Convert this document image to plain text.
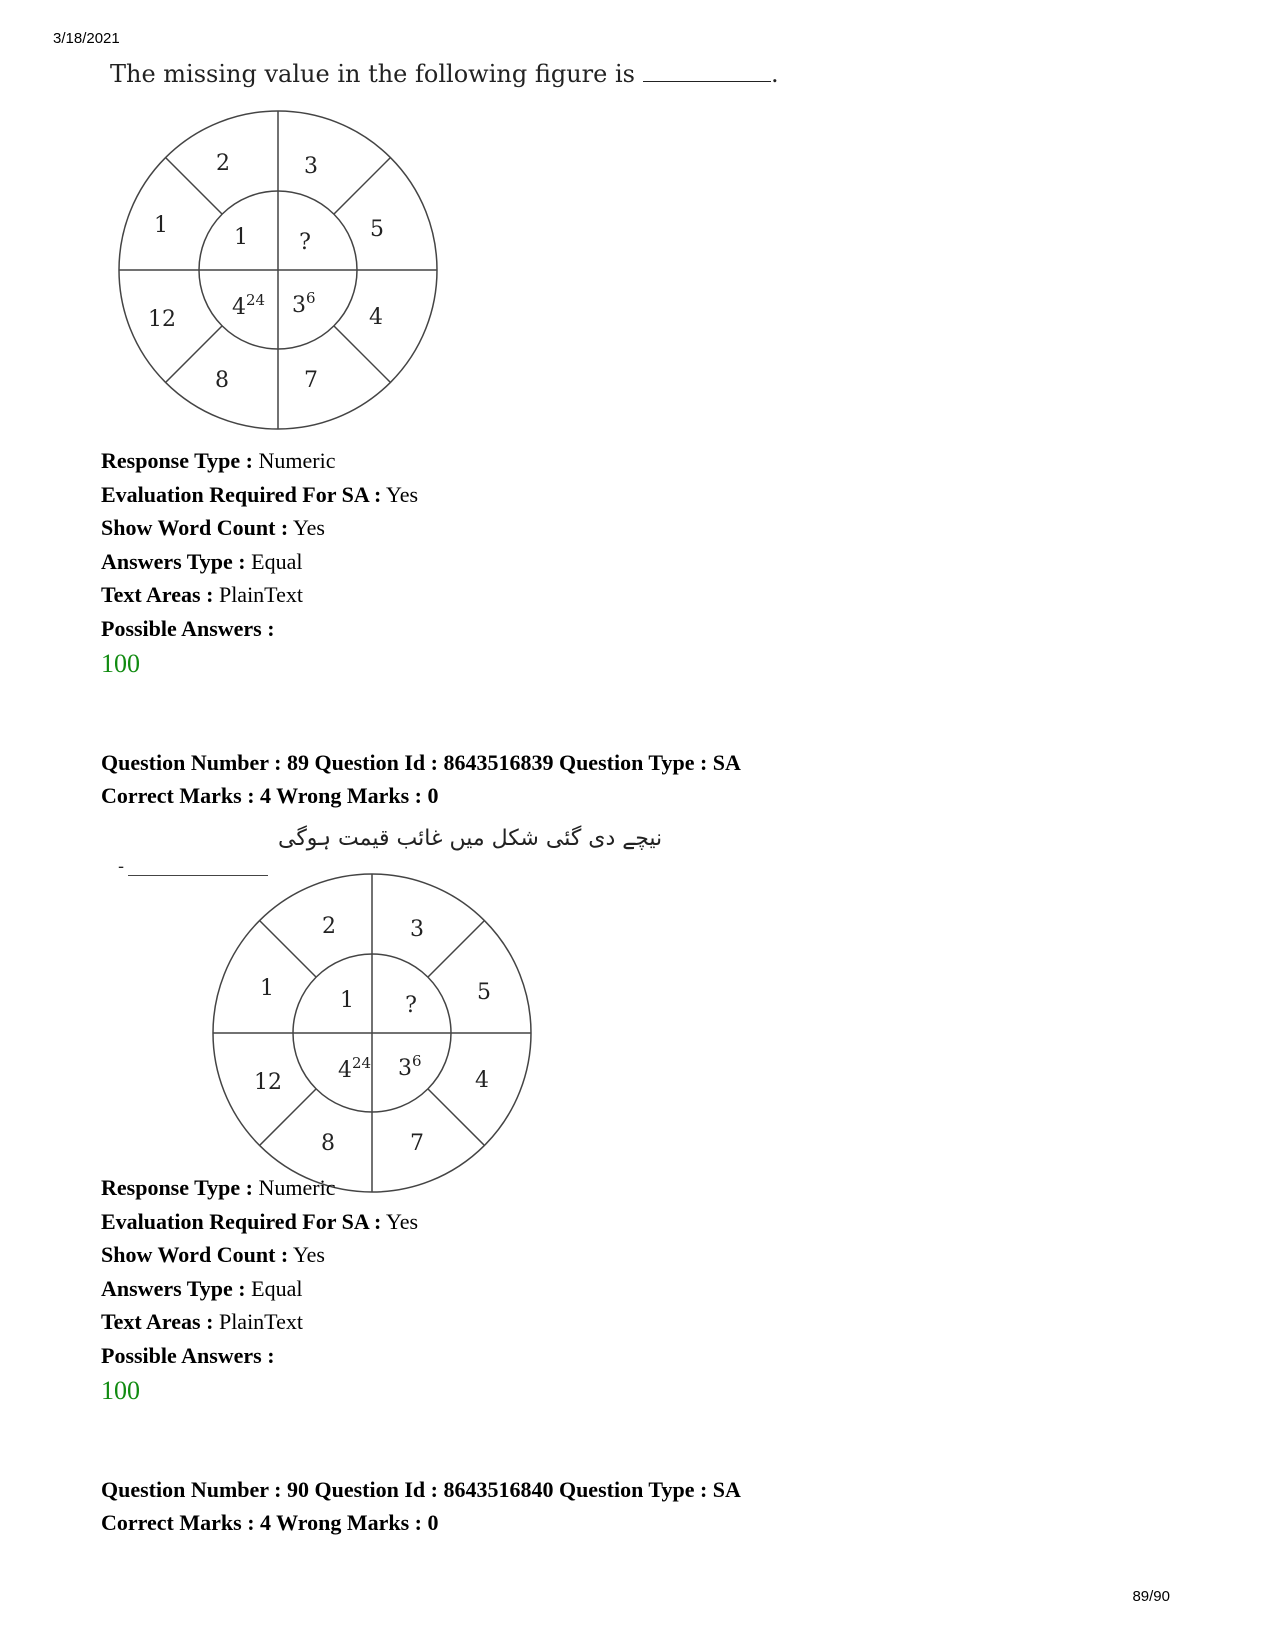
3/18/2021
89/90
The missing value in the following figure is	.
2	3
5
4
7
8
12
1	1 ?
$4^{24}$ $3^6$
Response Type : Numeric
Evaluation Required For SA : Yes
Show Word Count : Yes
Answers Type : Equal
Text Areas : PlainText
Possible Answers :
100
Question Number : 89 Question Id : 8643516839 Question Type : SA
Correct Marks : 4 Wrong Marks : 0
-
نیچے دی گئی شکل میں غائب قیمت ہوگی
2	3
5
4
7
8
12
1	1 ?
$4^{24}$ $3^6$
Response Type : Numeric
Evaluation Required For SA : Yes
Show Word Count : Yes
Answers Type : Equal
Text Areas : PlainText
Possible Answers :
100
Question Number : 90 Question Id : 8643516840 Question Type : SA
Correct Marks : 4 Wrong Marks : 0
